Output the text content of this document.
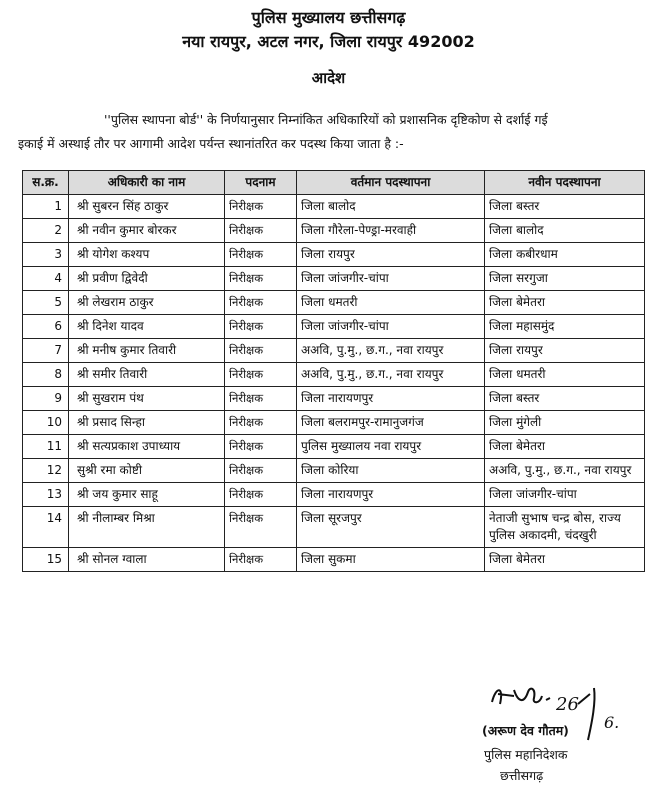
पुलिस मुख्यालय छत्तीसगढ़
नया रायपुर, अटल नगर, जिला रायपुर 492002
आदेश
''पुलिस स्थापना बोर्ड'' के निर्णयानुसार निम्नांकित अधिकारियों को प्रशासनिक दृष्टिकोण से दर्शाई गई
इकाई में अस्थाई तौर पर आगामी आदेश पर्यन्त स्थानांतरित कर पदस्थ किया जाता है :-
स.क्र.	अधिकारी का नाम	पदनाम	वर्तमान पदस्थापना	नवीन पदस्थापना
1	श्री सुबरन सिंह ठाकुर	निरीक्षक	जिला बालोद	जिला बस्तर
2	श्री नवीन कुमार बोरकर	निरीक्षक	जिला गौरेला-पेण्ड्रा-मरवाही	जिला बालोद
3	श्री योगेश कश्यप	निरीक्षक	जिला रायपुर	जिला कबीरधाम
4	श्री प्रवीण द्विवेदी	निरीक्षक	जिला जांजगीर-चांपा	जिला सरगुजा
5	श्री लेखराम ठाकुर	निरीक्षक	जिला धमतरी	जिला बेमेतरा
6	श्री दिनेश यादव	निरीक्षक	जिला जांजगीर-चांपा	जिला महासमुंद
7	श्री मनीष कुमार तिवारी	निरीक्षक	अअवि, पु.मु., छ.ग., नवा रायपुर	जिला रायपुर
8	श्री समीर तिवारी	निरीक्षक	अअवि, पु.मु., छ.ग., नवा रायपुर	जिला धमतरी
9	श्री सुखराम पंथ	निरीक्षक	जिला नारायणपुर	जिला बस्तर
10	श्री प्रसाद सिन्हा	निरीक्षक	जिला बलरामपुर-रामानुजगंज	जिला मुंगेली
11	श्री सत्यप्रकाश उपाध्याय	निरीक्षक	पुलिस मुख्यालय नवा रायपुर	जिला बेमेतरा
12	सुश्री रमा कोष्टी	निरीक्षक	जिला कोरिया	अअवि, पु.मु., छ.ग., नवा रायपुर
13	श्री जय कुमार साहू	निरीक्षक	जिला नारायणपुर	जिला जांजगीर-चांपा
14	श्री नीलाम्बर मिश्रा	निरीक्षक	जिला सूरजपुर	नेताजी सुभाष चन्द्र बोस, राज्य पुलिस अकादमी, चंदखुरी
15	श्री सोनल ग्वाला	निरीक्षक	जिला सुकमा	जिला बेमेतरा
26
6.
(अरूण देव गौतम)
पुलिस महानिदेशक
छत्तीसगढ़
